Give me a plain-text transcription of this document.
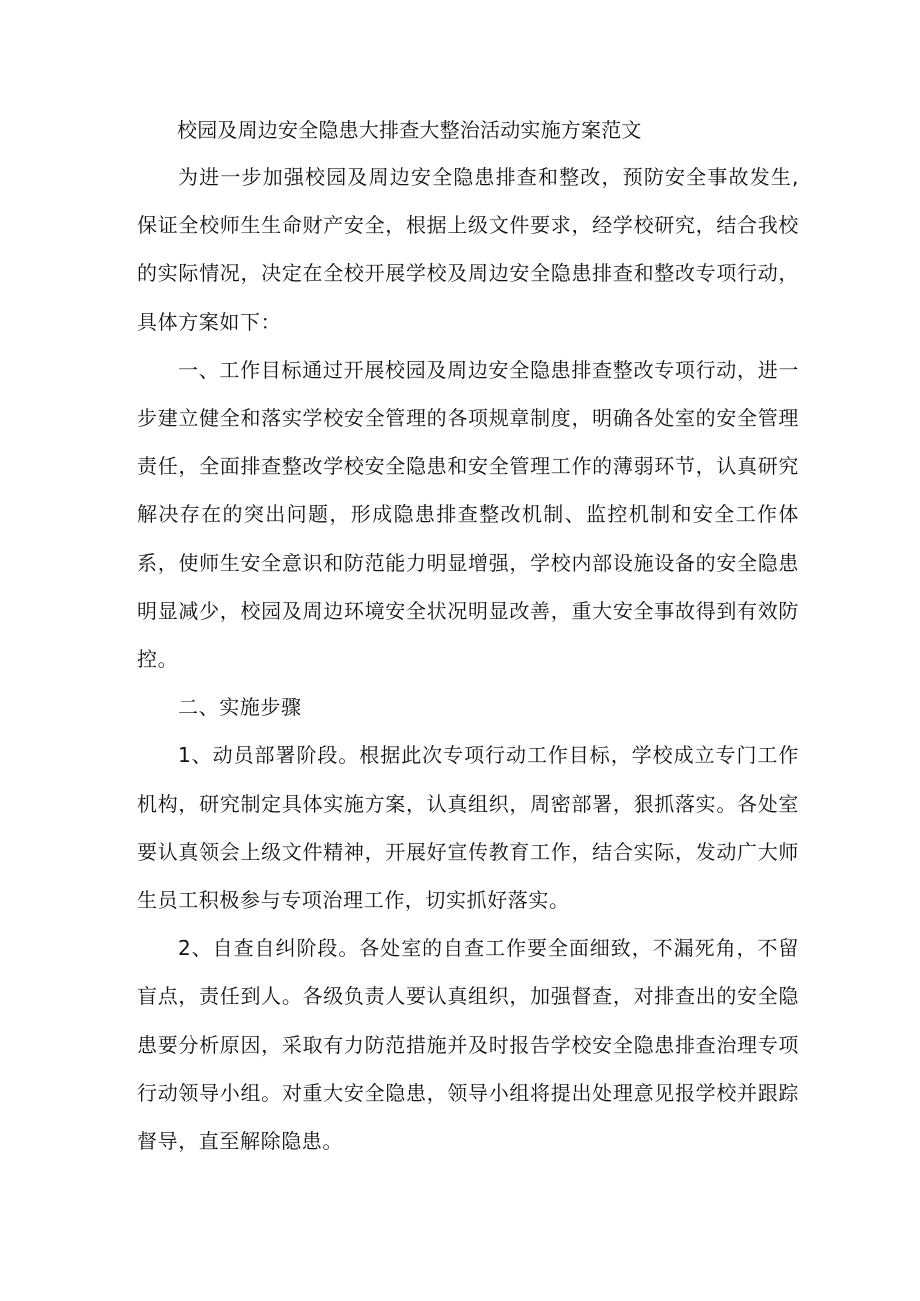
校园及周边安全隐患大排查大整治活动实施方案范文

为进一步加强校园及周边安全隐患排查和整改，预防安全事故发生,保证全校师生生命财产安全，根据上级文件要求，经学校研究，结合我校的实际情况，决定在全校开展学校及周边安全隐患排查和整改专项行动，具体方案如下：

一、工作目标通过开展校园及周边安全隐患排查整改专项行动，进一步建立健全和落实学校安全管理的各项规章制度，明确各处室的安全管理责任，全面排查整改学校安全隐患和安全管理工作的薄弱环节，认真研究解决存在的突出问题，形成隐患排查整改机制、监控机制和安全工作体系，使师生安全意识和防范能力明显增强，学校内部设施设备的安全隐患明显减少，校园及周边环境安全状况明显改善，重大安全事故得到有效防控。

二、实施步骤

1、动员部署阶段。根据此次专项行动工作目标，学校成立专门工作机构，研究制定具体实施方案，认真组织，周密部署，狠抓落实。各处室要认真领会上级文件精神，开展好宣传教育工作，结合实际，发动广大师生员工积极参与专项治理工作，切实抓好落实。

2、自查自纠阶段。各处室的自查工作要全面细致，不漏死角，不留盲点，责任到人。各级负责人要认真组织，加强督查，对排查出的安全隐患要分析原因，采取有力防范措施并及时报告学校安全隐患排查治理专项行动领导小组。对重大安全隐患，领导小组将提出处理意见报学校并跟踪督导，直至解除隐患。
